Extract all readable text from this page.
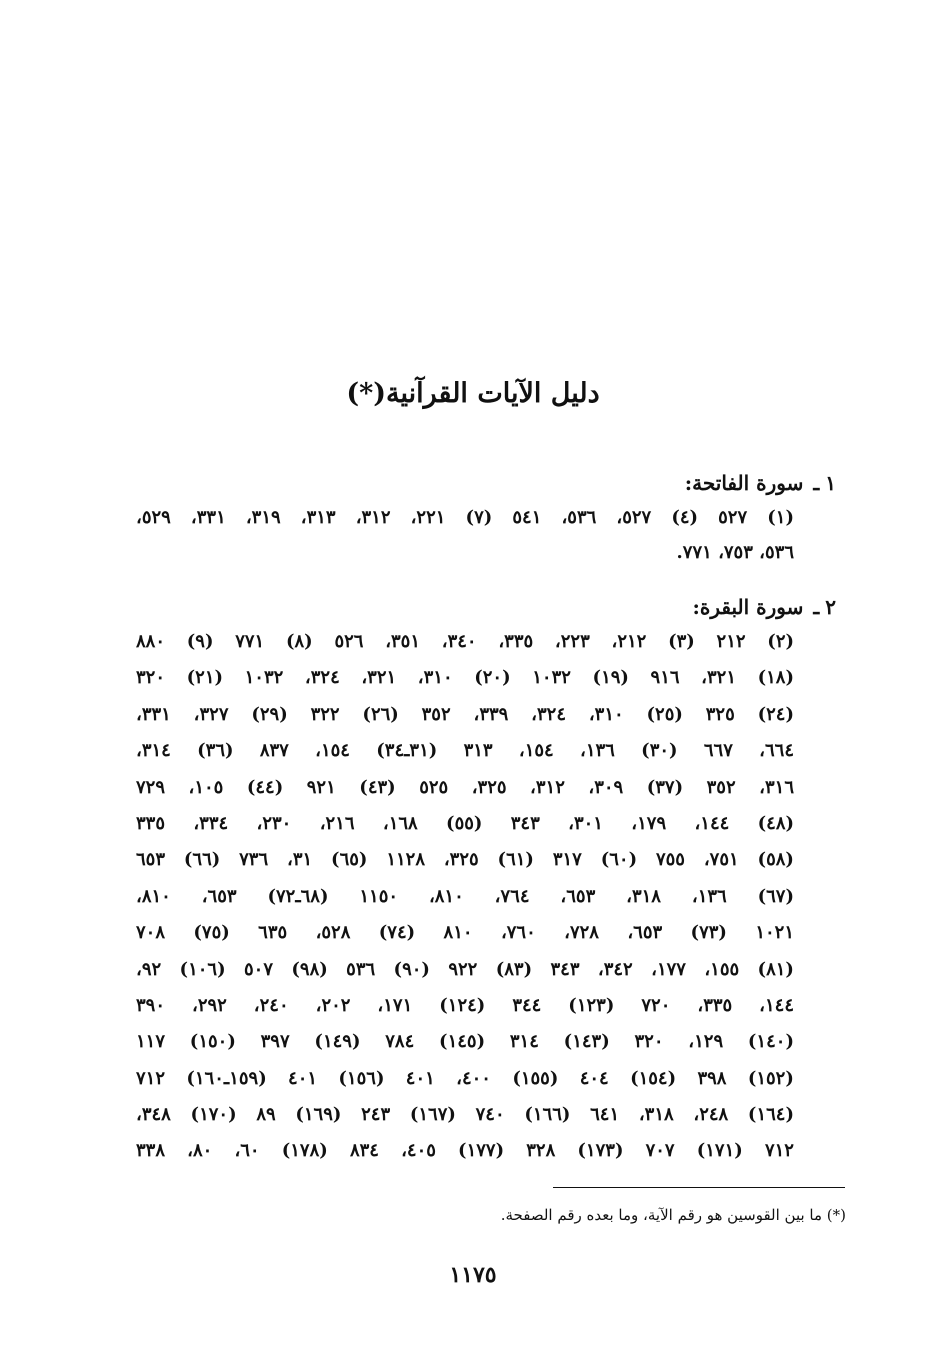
دليل الآيات القرآنية(*)
١ـسورة الفاتحة:
(١) ٥٢٧ (٤) ٥٢٧، ٥٣٦، ٥٤١ (٧) ٢٢١، ٣١٢، ٣١٣، ٣١٩، ٣٣١، ٥٢٩،
٥٣٦، ٧٥٣، ٧٧١.
٢ـسورة البقرة:
(٢) ٢١٢ (٣) ٢١٢، ٢٢٣، ٣٣٥، ٣٤٠، ٣٥١، ٥٢٦ (٨) ٧٧١ (٩) ٨٨٠
(١٨) ٣٢١، ٩١٦ (١٩) ١٠٣٢ (٢٠) ٣١٠، ٣٢١، ٣٢٤، ١٠٣٢ (٢١) ٣٢٠
(٢٤) ٣٢٥ (٢٥) ٣١٠، ٣٢٤، ٣٣٩، ٣٥٢ (٢٦) ٣٢٢ (٢٩) ٣٢٧، ٣٣١،
٦٦٤، ٦٦٧ (٣٠) ١٣٦، ١٥٤، ٣١٣ (٣١ـ٣٤) ١٥٤، ٨٣٧ (٣٦) ٣١٤،
٣١٦، ٣٥٢ (٣٧) ٣٠٩، ٣١٢، ٣٢٥، ٥٢٥ (٤٣) ٩٢١ (٤٤) ١٠٥، ٧٢٩
(٤٨) ١٤٤، ١٧٩، ٣٠١، ٣٤٣ (٥٥) ١٦٨، ٢١٦، ٢٣٠، ٣٣٤، ٣٣٥
(٥٨) ٧٥١، ٧٥٥ (٦٠) ٣١٧ (٦١) ٣٢٥، ١١٢٨ (٦٥) ٣١، ٧٣٦ (٦٦) ٦٥٣
(٦٧) ١٣٦، ٣١٨، ٦٥٣، ٧٦٤، ٨١٠، ١١٥٠ (٦٨ـ٧٢) ٦٥٣، ٨١٠،
١٠٢١ (٧٣) ٦٥٣، ٧٢٨، ٧٦٠، ٨١٠ (٧٤) ٥٢٨، ٦٣٥ (٧٥) ٧٠٨
(٨١) ١٥٥، ١٧٧، ٣٤٢، ٣٤٣ (٨٣) ٩٢٢ (٩٠) ٥٣٦ (٩٨) ٥٠٧ (١٠٦) ٩٢،
١٤٤، ٣٣٥، ٧٢٠ (١٢٣) ٣٤٤ (١٢٤) ١٧١، ٢٠٢، ٢٤٠، ٢٩٢، ٣٩٠
(١٤٠) ١٢٩، ٣٢٠ (١٤٣) ٣١٤ (١٤٥) ٧٨٤ (١٤٩) ٣٩٧ (١٥٠) ١١٧
(١٥٢) ٣٩٨ (١٥٤) ٤٠٤ (١٥٥) ٤٠٠، ٤٠١ (١٥٦) ٤٠١ (١٥٩ـ١٦٠) ٧١٢
(١٦٤) ٢٤٨، ٣١٨، ٦٤١ (١٦٦) ٧٤٠ (١٦٧) ٢٤٣ (١٦٩) ٨٩ (١٧٠) ٣٤٨،
٧١٢ (١٧١) ٧٠٧ (١٧٣) ٣٢٨ (١٧٧) ٤٠٥، ٨٣٤ (١٧٨) ٦٠، ٨٠، ٣٣٨
(*) ما بين القوسين هو رقم الآية، وما بعده رقم الصفحة.
١١٧٥
